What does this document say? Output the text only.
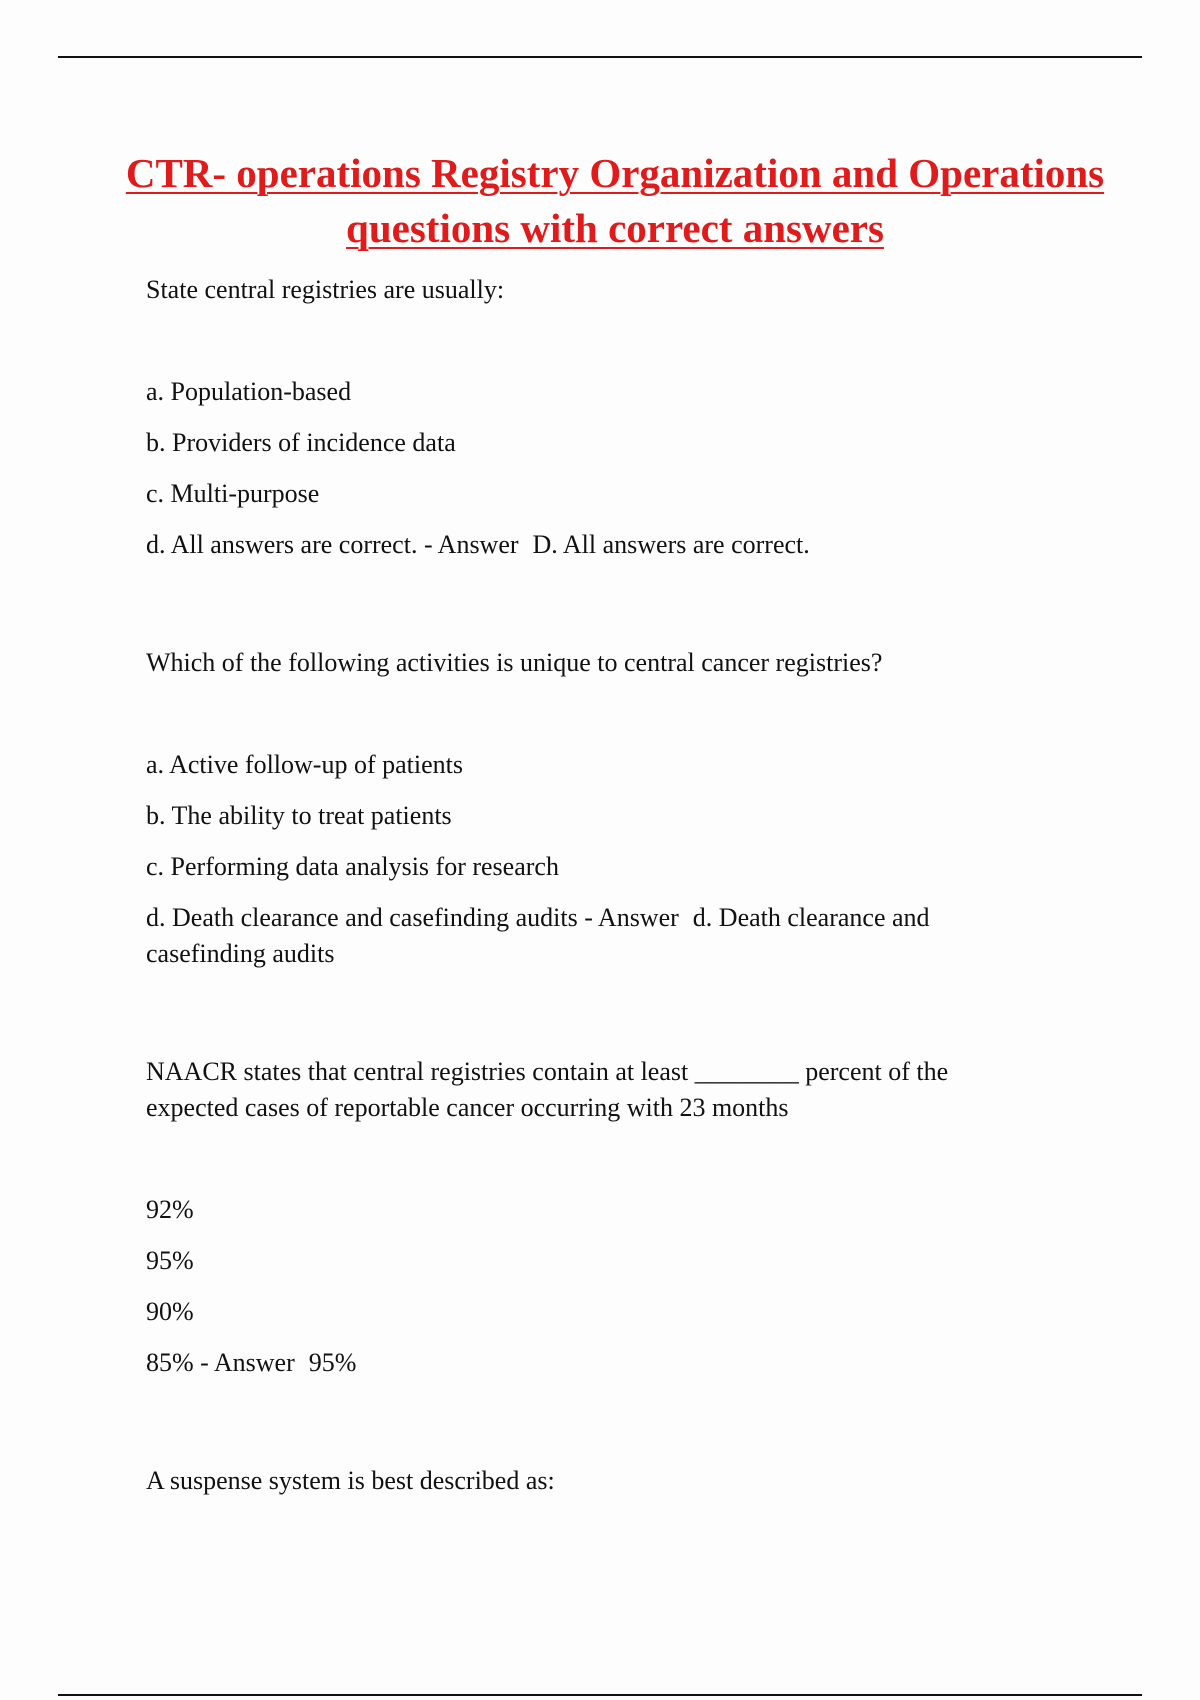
CTR- operations Registry Organization and Operations questions with correct answers

State central registries are usually:

a. Population-based

b. Providers of incidence data

c. Multi-purpose

d. All answers are correct. - Answer D. All answers are correct.

Which of the following activities is unique to central cancer registries?

a. Active follow-up of patients

b. The ability to treat patients

c. Performing data analysis for research

d. Death clearance and casefinding audits - Answer d. Death clearance and casefinding audits

NAACR states that central registries contain at least ________ percent of the expected cases of reportable cancer occurring with 23 months

92%

95%

90%

85% - Answer 95%

A suspense system is best described as:
